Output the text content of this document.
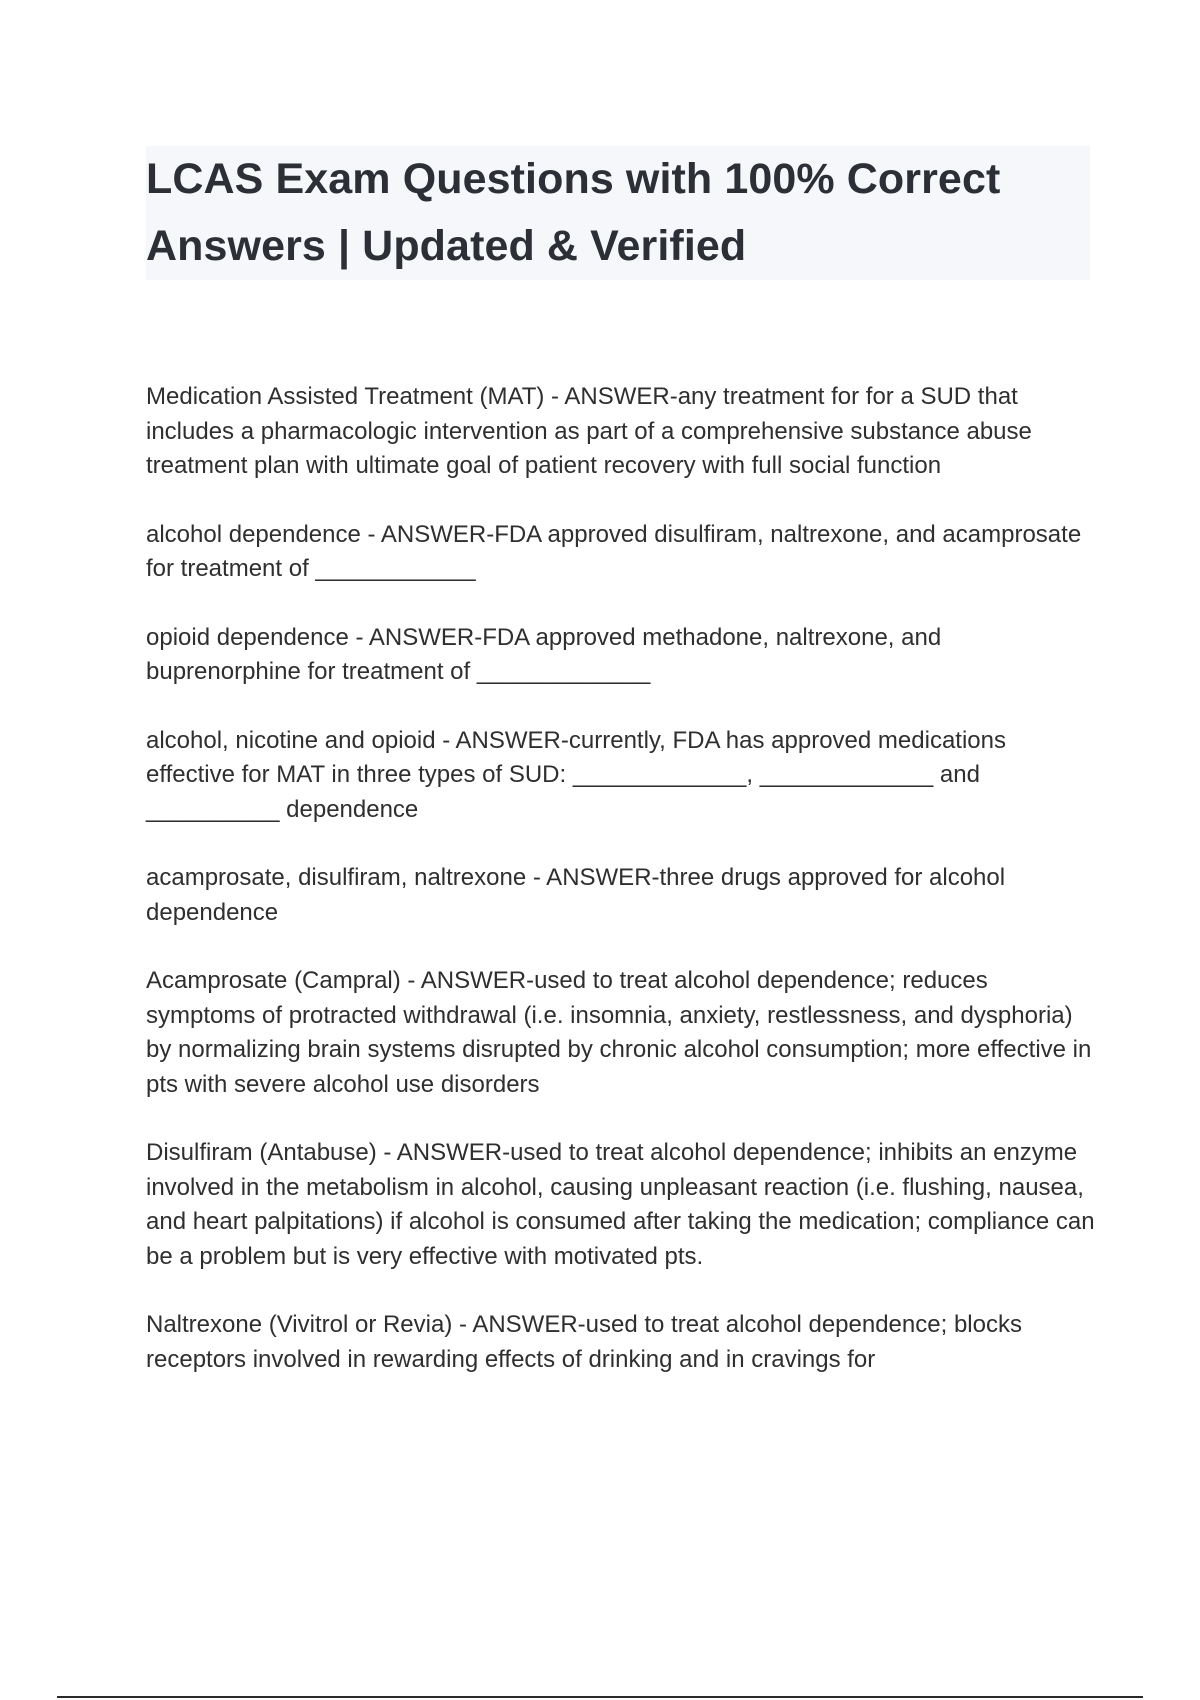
LCAS Exam Questions with 100% Correct Answers | Updated & Verified

Medication Assisted Treatment (MAT) - ANSWER-any treatment for for a SUD that includes a pharmacologic intervention as part of a comprehensive substance abuse treatment plan with ultimate goal of patient recovery with full social function

alcohol dependence - ANSWER-FDA approved disulfiram, naltrexone, and acamprosate for treatment of ____________

opioid dependence - ANSWER-FDA approved methadone, naltrexone, and buprenorphine for treatment of _____________

alcohol, nicotine and opioid - ANSWER-currently, FDA has approved medications effective for MAT in three types of SUD: _____________, _____________ and __________ dependence

acamprosate, disulfiram, naltrexone - ANSWER-three drugs approved for alcohol dependence

Acamprosate (Campral) - ANSWER-used to treat alcohol dependence; reduces symptoms of protracted withdrawal (i.e. insomnia, anxiety, restlessness, and dysphoria) by normalizing brain systems disrupted by chronic alcohol consumption; more effective in pts with severe alcohol use disorders

Disulfiram (Antabuse) - ANSWER-used to treat alcohol dependence; inhibits an enzyme involved in the metabolism in alcohol, causing unpleasant reaction (i.e. flushing, nausea, and heart palpitations) if alcohol is consumed after taking the medication; compliance can be a problem but is very effective with motivated pts.

Naltrexone (Vivitrol or Revia) - ANSWER-used to treat alcohol dependence; blocks receptors involved in rewarding effects of drinking and in cravings for
